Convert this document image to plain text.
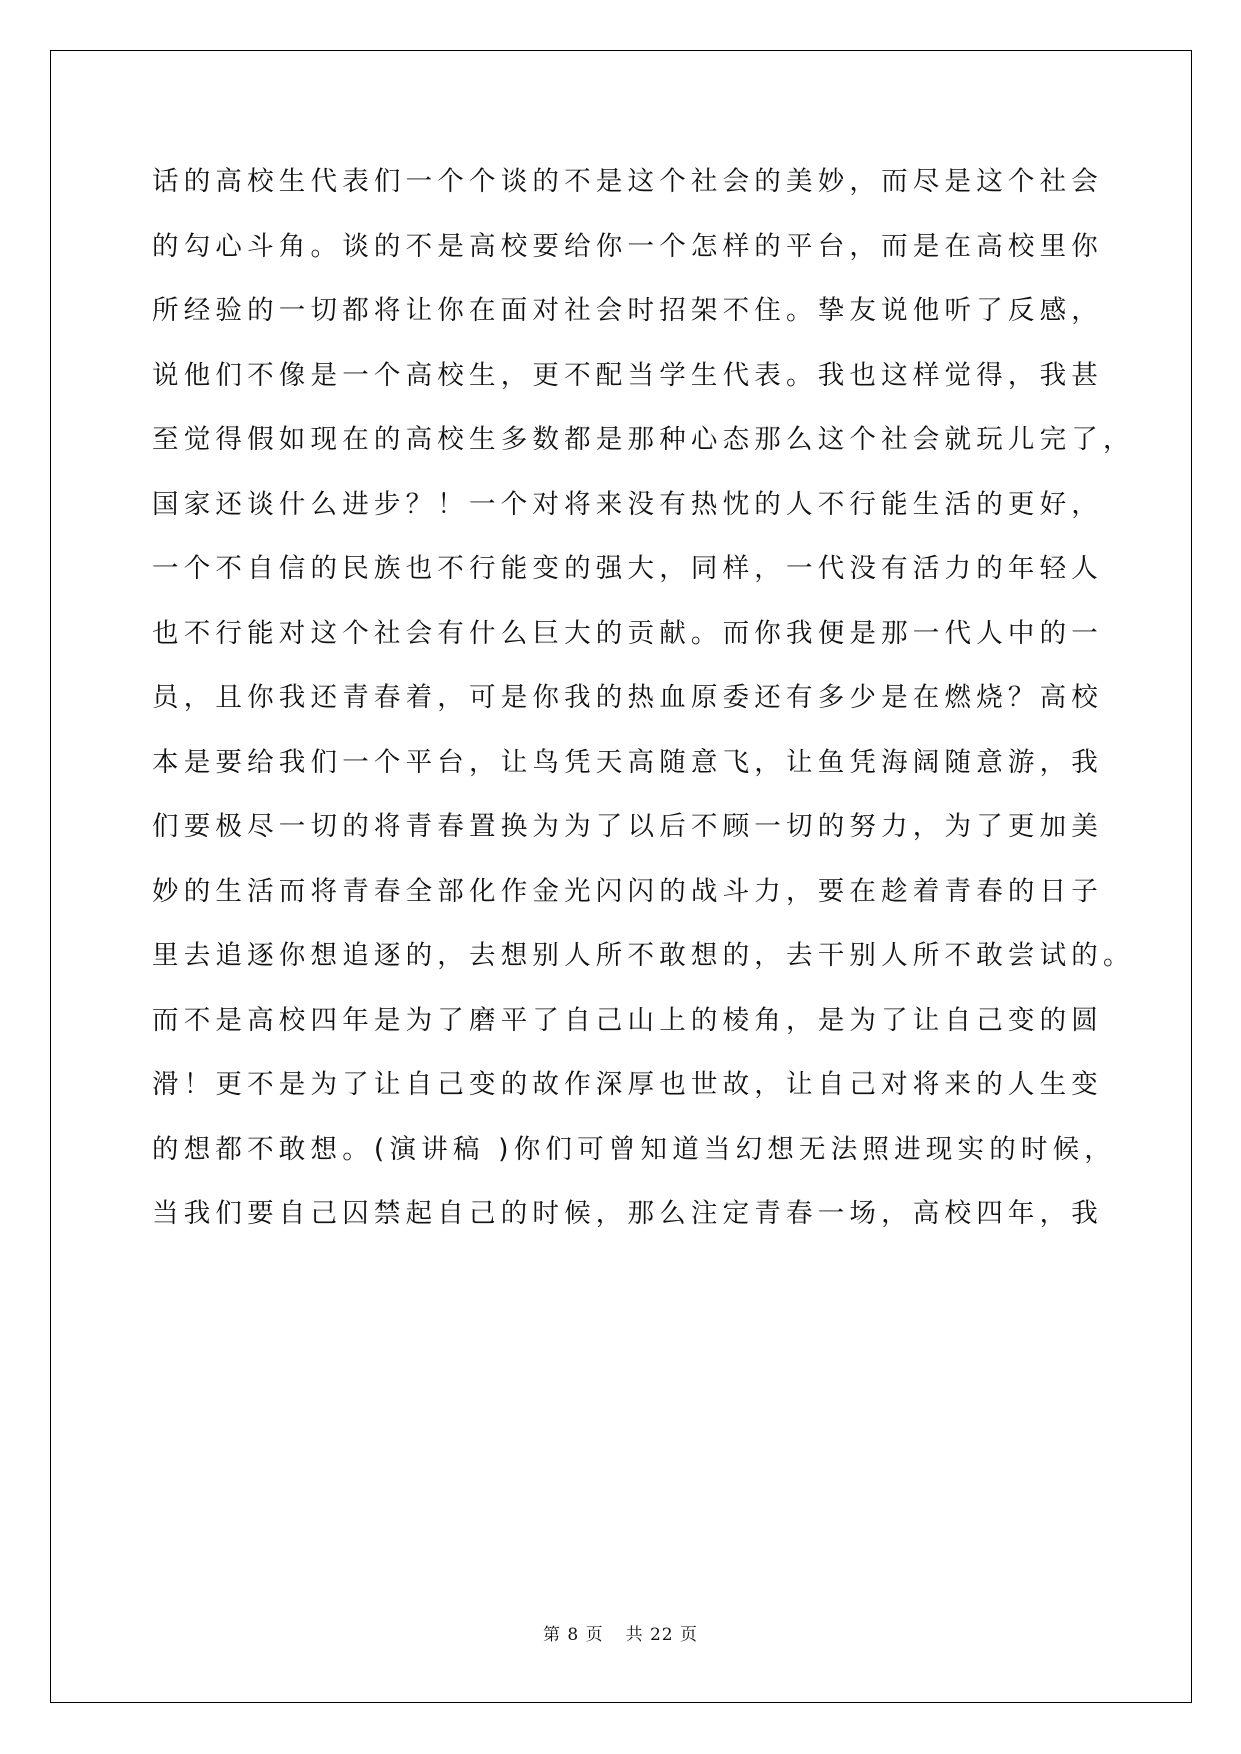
话的高校生代表们一个个谈的不是这个社会的美妙，而尽是这个社会
的勾心斗角。谈的不是高校要给你一个怎样的平台，而是在高校里你
所经验的一切都将让你在面对社会时招架不住。挚友说他听了反感，
说他们不像是一个高校生，更不配当学生代表。我也这样觉得，我甚
至觉得假如现在的高校生多数都是那种心态那么这个社会就玩儿完了，
国家还谈什么进步？！一个对将来没有热忱的人不行能生活的更好，
一个不自信的民族也不行能变的强大，同样，一代没有活力的年轻人
也不行能对这个社会有什么巨大的贡献。而你我便是那一代人中的一
员，且你我还青春着，可是你我的热血原委还有多少是在燃烧？高校
本是要给我们一个平台，让鸟凭天高随意飞，让鱼凭海阔随意游，我
们要极尽一切的将青春置换为为了以后不顾一切的努力，为了更加美
妙的生活而将青春全部化作金光闪闪的战斗力，要在趁着青春的日子
里去追逐你想追逐的，去想别人所不敢想的，去干别人所不敢尝试的。
而不是高校四年是为了磨平了自己山上的棱角，是为了让自己变的圆
滑！更不是为了让自己变的故作深厚也世故，让自己对将来的人生变
的想都不敢想。(演讲稿 )你们可曾知道当幻想无法照进现实的时候，
当我们要自己囚禁起自己的时候，那么注定青春一场，高校四年，我
第 8 页 共 22 页
